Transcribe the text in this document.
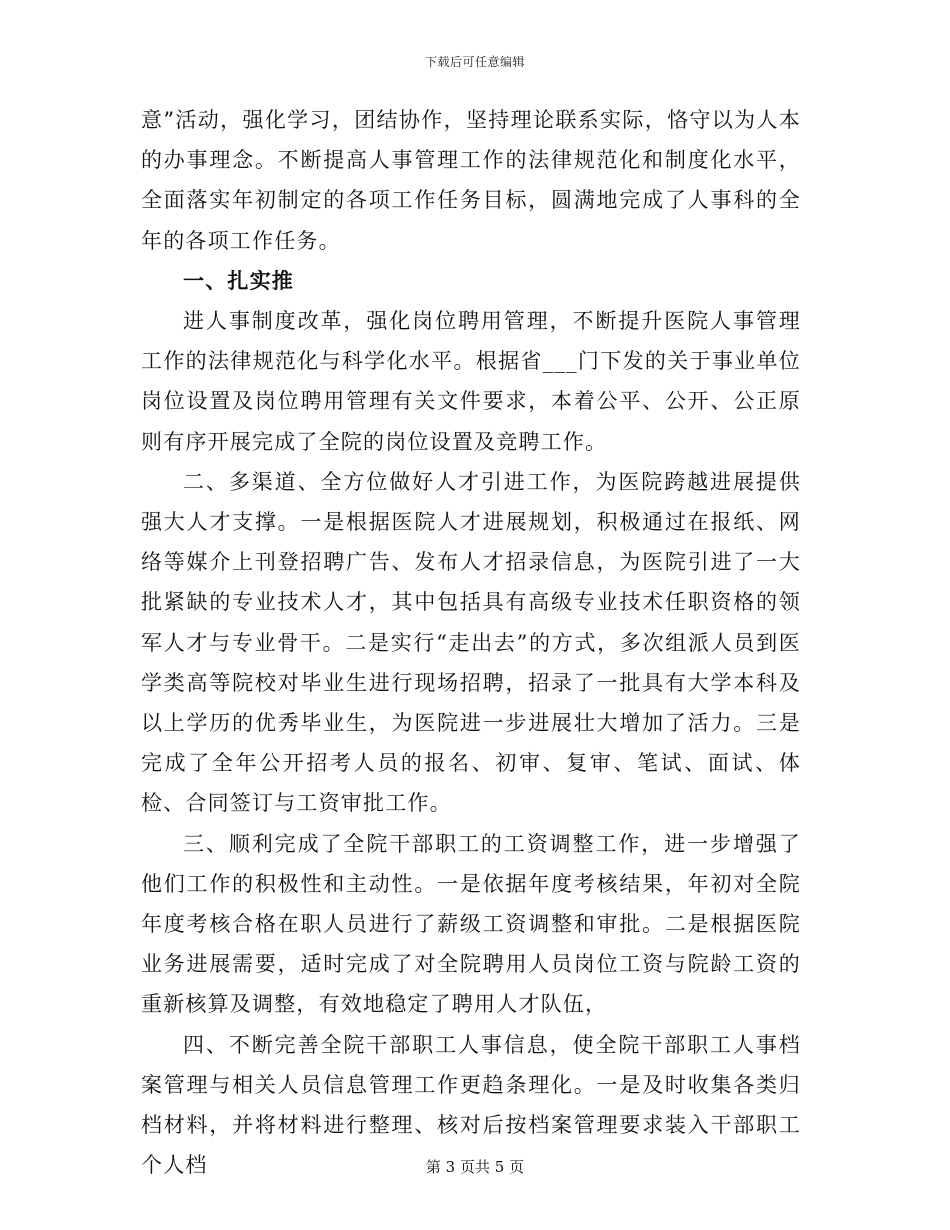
下载后可任意编辑

意”活动，强化学习，团结协作，坚持理论联系实际，恪守以为人本的办事理念。不断提高人事管理工作的法律规范化和制度化水平，全面落实年初制定的各项工作任务目标，圆满地完成了人事科的全年的各项工作任务。

一、扎实推

进人事制度改革，强化岗位聘用管理，不断提升医院人事管理工作的法律规范化与科学化水平。根据省___门下发的关于事业单位岗位设置及岗位聘用管理有关文件要求，本着公平、公开、公正原则有序开展完成了全院的岗位设置及竞聘工作。

二、多渠道、全方位做好人才引进工作，为医院跨越进展提供强大人才支撑。一是根据医院人才进展规划，积极通过在报纸、网络等媒介上刊登招聘广告、发布人才招录信息，为医院引进了一大批紧缺的专业技术人才，其中包括具有高级专业技术任职资格的领军人才与专业骨干。二是实行“走出去”的方式，多次组派人员到医学类高等院校对毕业生进行现场招聘，招录了一批具有大学本科及以上学历的优秀毕业生，为医院进一步进展壮大增加了活力。三是完成了全年公开招考人员的报名、初审、复审、笔试、面试、体检、合同签订与工资审批工作。

三、顺利完成了全院干部职工的工资调整工作，进一步增强了他们工作的积极性和主动性。一是依据年度考核结果，年初对全院年度考核合格在职人员进行了薪级工资调整和审批。二是根据医院业务进展需要，适时完成了对全院聘用人员岗位工资与院龄工资的重新核算及调整，有效地稳定了聘用人才队伍，

四、不断完善全院干部职工人事信息，使全院干部职工人事档案管理与相关人员信息管理工作更趋条理化。一是及时收集各类归档材料，并将材料进行整理、核对后按档案管理要求装入干部职工个人档	第 3 页共 5 页
